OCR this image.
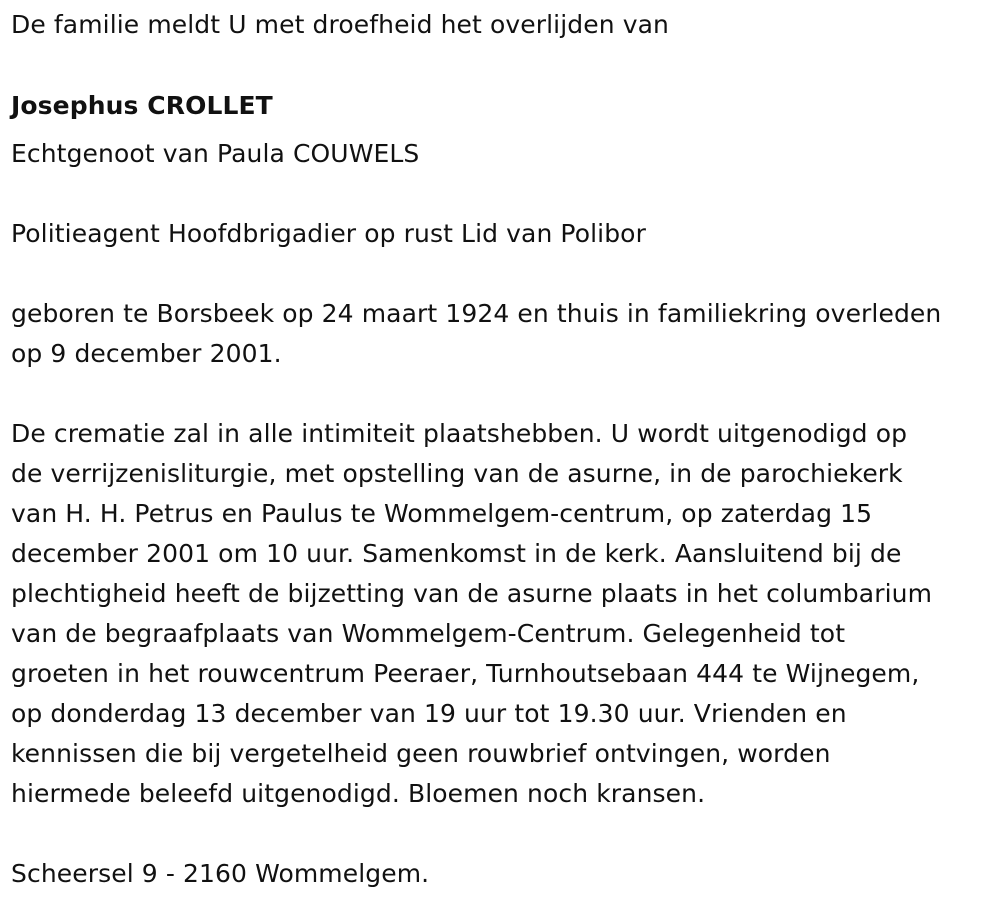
De familie meldt U met droefheid het overlijden van
Josephus CROLLET
Echtgenoot van Paula COUWELS
Politieagent Hoofdbrigadier op rust Lid van Polibor
geboren te Borsbeek op 24 maart 1924 en thuis in familiekring overleden
op 9 december 2001.
De crematie zal in alle intimiteit plaatshebben. U wordt uitgenodigd op
de verrijzenisliturgie, met opstelling van de asurne, in de parochiekerk
van H. H. Petrus en Paulus te Wommelgem-centrum, op zaterdag 15
december 2001 om 10 uur. Samenkomst in de kerk. Aansluitend bij de
plechtigheid heeft de bijzetting van de asurne plaats in het columbarium
van de begraafplaats van Wommelgem-Centrum. Gelegenheid tot
groeten in het rouwcentrum Peeraer, Turnhoutsebaan 444 te Wijnegem,
op donderdag 13 december van 19 uur tot 19.30 uur. Vrienden en
kennissen die bij vergetelheid geen rouwbrief ontvingen, worden
hiermede beleefd uitgenodigd. Bloemen noch kransen.
Scheersel 9 - 2160 Wommelgem.
